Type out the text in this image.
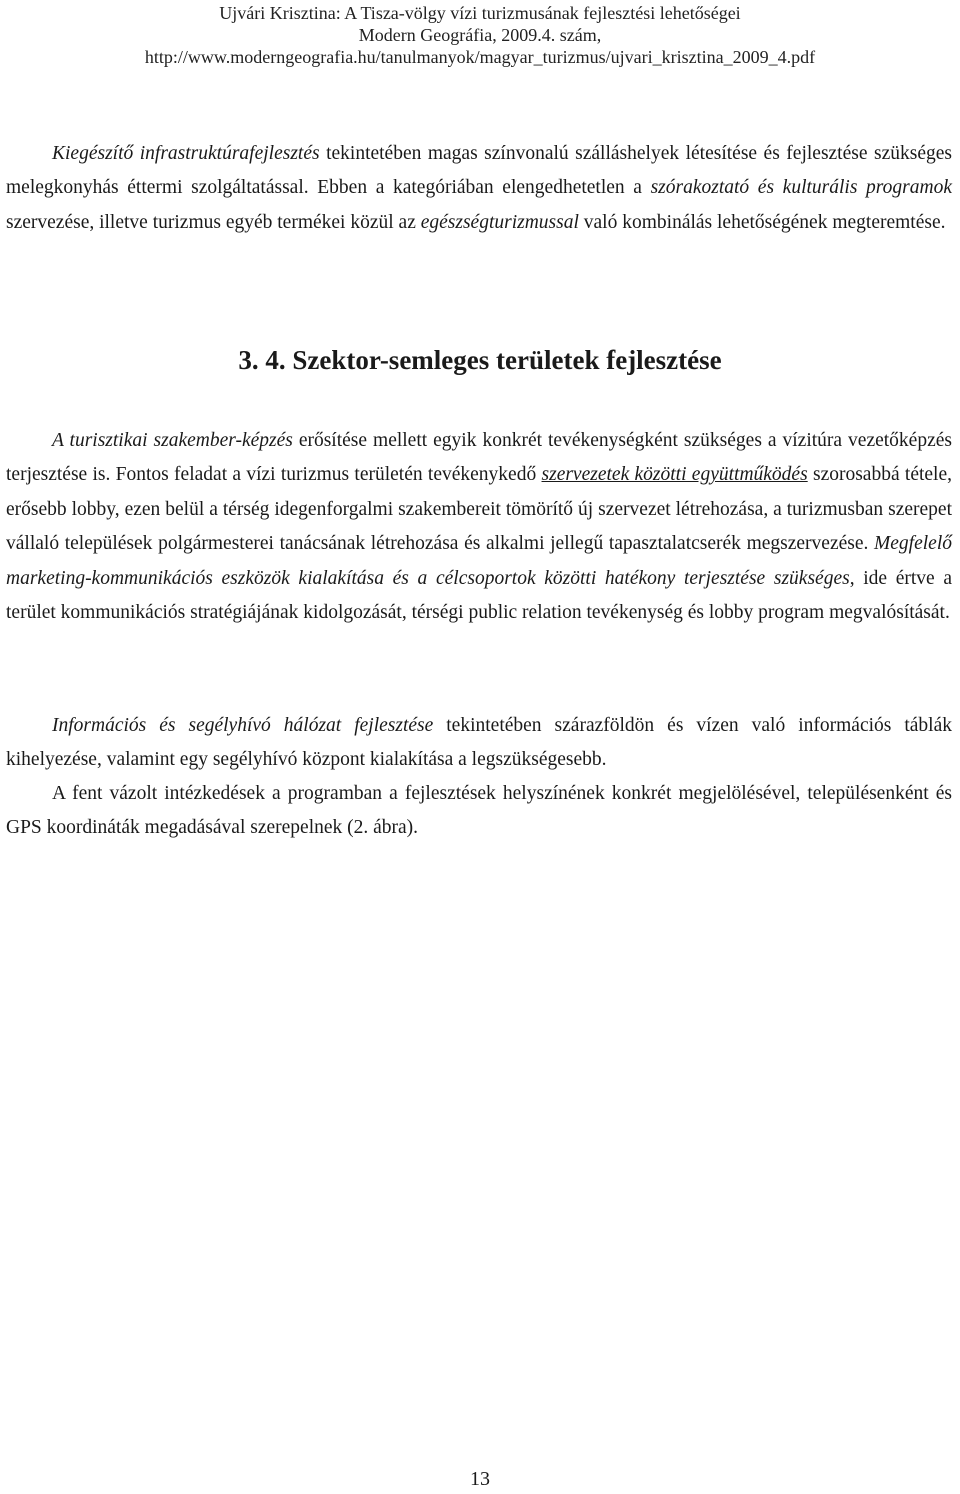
Ujvári Krisztina: A Tisza-völgy vízi turizmusának fejlesztési lehetőségei
Modern Geográfia, 2009.4. szám,
http://www.moderngeografia.hu/tanulmanyok/magyar_turizmus/ujvari_krisztina_2009_4.pdf

Kiegészítő infrastruktúrafejlesztés tekintetében magas színvonalú szálláshelyek létesítése és fejlesztése szükséges melegkonyhás éttermi szolgáltatással. Ebben a kategóriában elengedhetetlen a szórakoztató és kulturális programok szervezése, illetve turizmus egyéb termékei közül az egészségturizmussal való kombinálás lehetőségének megteremtése.

3. 4. Szektor-semleges területek fejlesztése

A turisztikai szakember-képzés erősítése mellett egyik konkrét tevékenységként szükséges a vízitúra vezetőképzés terjesztése is. Fontos feladat a vízi turizmus területén tevékenykedő szervezetek közötti együttműködés szorosabbá tétele, erősebb lobby, ezen belül a térség idegenforgalmi szakembereit tömörítő új szervezet létrehozása, a turizmusban szerepet vállaló települések polgármesterei tanácsának létrehozása és alkalmi jellegű tapasztalatcserék megszervezése. Megfelelő marketing-kommunikációs eszközök kialakítása és a célcsoportok közötti hatékony terjesztése szükséges, ide értve a terület kommunikációs stratégiájának kidolgozását, térségi public relation tevékenység és lobby program megvalósítását.

Információs és segélyhívó hálózat fejlesztése tekintetében szárazföldön és vízen való információs táblák kihelyezése, valamint egy segélyhívó központ kialakítása a legszükségesebb.

A fent vázolt intézkedések a programban a fejlesztések helyszínének konkrét megjelölésével, településenként és GPS koordináták megadásával szerepelnek (2. ábra).

13
